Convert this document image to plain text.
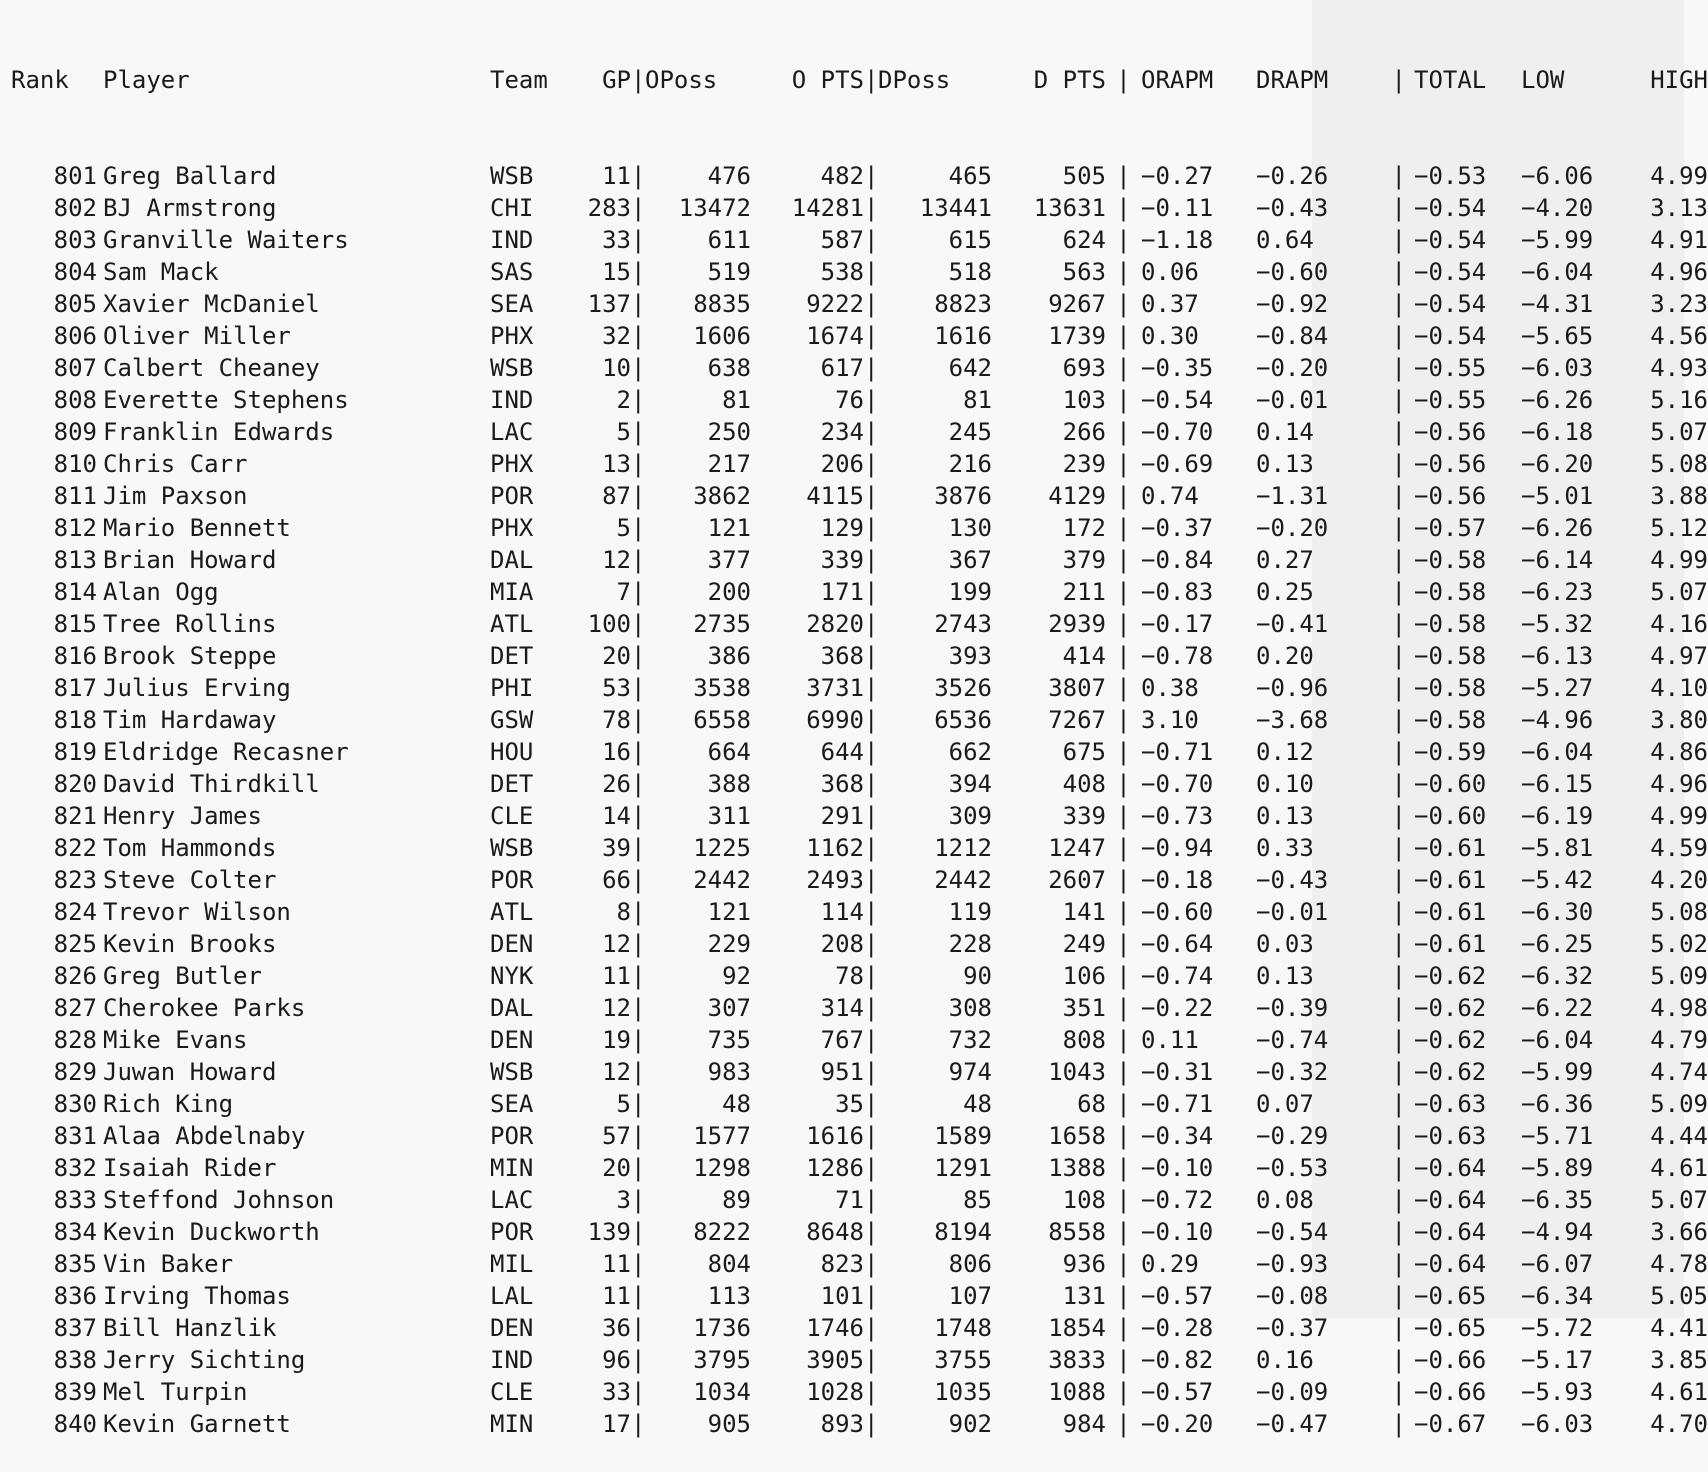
Rank Player	Team GP|OPoss	O PTS|DPoss	D PTS | ORAPM DRAPM	| TOTAL LOW	HIGH

801 Greg Ballard	WSB	11|	476	482|	465	505 | −0.27 −0.26	| −0.53 −6.06 4.99
802 BJ Armstrong	CHI 283| 13472 14281| 13441 13631 | −0.11 −0.43	| −0.54 −4.20 3.13
803 Granville Waiters	IND	33|	611	587|	615	624 | −1.18 0.64	| −0.54 −5.99 4.91
804 Sam Mack	SAS	15|	519	538|	518	563 | 0.06 −0.60	| −0.54 −6.04 4.96
805 Xavier McDaniel	SEA 137| 8835 9222| 8823 9267 | 0.37 −0.92	| −0.54 −4.31 3.23
806 Oliver Miller	PHX	32| 1606 1674| 1616 1739 | 0.30 −0.84	| −0.54 −5.65 4.56
807 Calbert Cheaney	WSB	10|	638	617|	642	693 | −0.35 −0.20	| −0.55 −6.03 4.93
808 Everette Stephens	IND	2|	81	76|	81	103 | −0.54 −0.01	| −0.55 −6.26 5.16
809 Franklin Edwards	LAC	5|	250	234|	245	266 | −0.70 0.14	| −0.56 −6.18 5.07
810 Chris Carr	PHX	13|	217	206|	216	239 | −0.69 0.13	| −0.56 −6.20 5.08
811 Jim Paxson	POR	87| 3862 4115| 3876 4129 | 0.74 −1.31	| −0.56 −5.01 3.88
812 Mario Bennett	PHX	5|	121	129|	130	172 | −0.37 −0.20	| −0.57 −6.26 5.12
813 Brian Howard	DAL	12|	377	339|	367	379 | −0.84 0.27	| −0.58 −6.14 4.99
814 Alan Ogg	MIA	7|	200	171|	199	211 | −0.83 0.25	| −0.58 −6.23 5.07
815 Tree Rollins	ATL 100| 2735 2820| 2743 2939 | −0.17 −0.41	| −0.58 −5.32 4.16
816 Brook Steppe	DET	20|	386	368|	393	414 | −0.78 0.20	| −0.58 −6.13 4.97
817 Julius Erving	PHI	53| 3538 3731| 3526 3807 | 0.38 −0.96	| −0.58 −5.27 4.10
818 Tim Hardaway	GSW	78| 6558 6990| 6536 7267 | 3.10 −3.68	| −0.58 −4.96 3.80
819 Eldridge Recasner	HOU	16|	664	644|	662	675 | −0.71 0.12	| −0.59 −6.04 4.86
820 David Thirdkill	DET	26|	388	368|	394	408 | −0.70 0.10	| −0.60 −6.15 4.96
821 Henry James	CLE	14|	311	291|	309	339 | −0.73 0.13	| −0.60 −6.19 4.99
822 Tom Hammonds	WSB	39| 1225 1162| 1212 1247 | −0.94 0.33	| −0.61 −5.81 4.59
823 Steve Colter	POR	66| 2442 2493| 2442 2607 | −0.18 −0.43	| −0.61 −5.42 4.20
824 Trevor Wilson	ATL	8|	121	114|	119	141 | −0.60 −0.01	| −0.61 −6.30 5.08
825 Kevin Brooks	DEN	12|	229	208|	228	249 | −0.64 0.03	| −0.61 −6.25 5.02
826 Greg Butler	NYK	11|	92	78|	90	106 | −0.74 0.13	| −0.62 −6.32 5.09
827 Cherokee Parks	DAL	12|	307	314|	308	351 | −0.22 −0.39	| −0.62 −6.22 4.98
828 Mike Evans	DEN	19|	735	767|	732	808 | 0.11 −0.74	| −0.62 −6.04 4.79
829 Juwan Howard	WSB	12|	983	951|	974 1043 | −0.31 −0.32	| −0.62 −5.99 4.74
830 Rich King	SEA	5|	48	35|	48	68 | −0.71 0.07	| −0.63 −6.36 5.09
831 Alaa Abdelnaby	POR	57| 1577 1616| 1589 1658 | −0.34 −0.29	| −0.63 −5.71 4.44
832 Isaiah Rider	MIN	20| 1298 1286| 1291 1388 | −0.10 −0.53	| −0.64 −5.89 4.61
833 Steffond Johnson	LAC	3|	89	71|	85	108 | −0.72 0.08	| −0.64 −6.35 5.07
834 Kevin Duckworth	POR 139| 8222 8648| 8194 8558 | −0.10 −0.54	| −0.64 −4.94 3.66
835 Vin Baker	MIL	11|	804	823|	806	936 | 0.29 −0.93	| −0.64 −6.07 4.78
836 Irving Thomas	LAL	11|	113	101|	107	131 | −0.57 −0.08	| −0.65 −6.34 5.05
837 Bill Hanzlik	DEN	36| 1736 1746| 1748 1854 | −0.28 −0.37	| −0.65 −5.72 4.41
838 Jerry Sichting	IND	96| 3795 3905| 3755 3833 | −0.82 0.16	| −0.66 −5.17 3.85
839 Mel Turpin	CLE	33| 1034 1028| 1035 1088 | −0.57 −0.09	| −0.66 −5.93 4.61
840 Kevin Garnett	MIN	17|	905	893|	902	984 | −0.20 −0.47	| −0.67 −6.03 4.70
